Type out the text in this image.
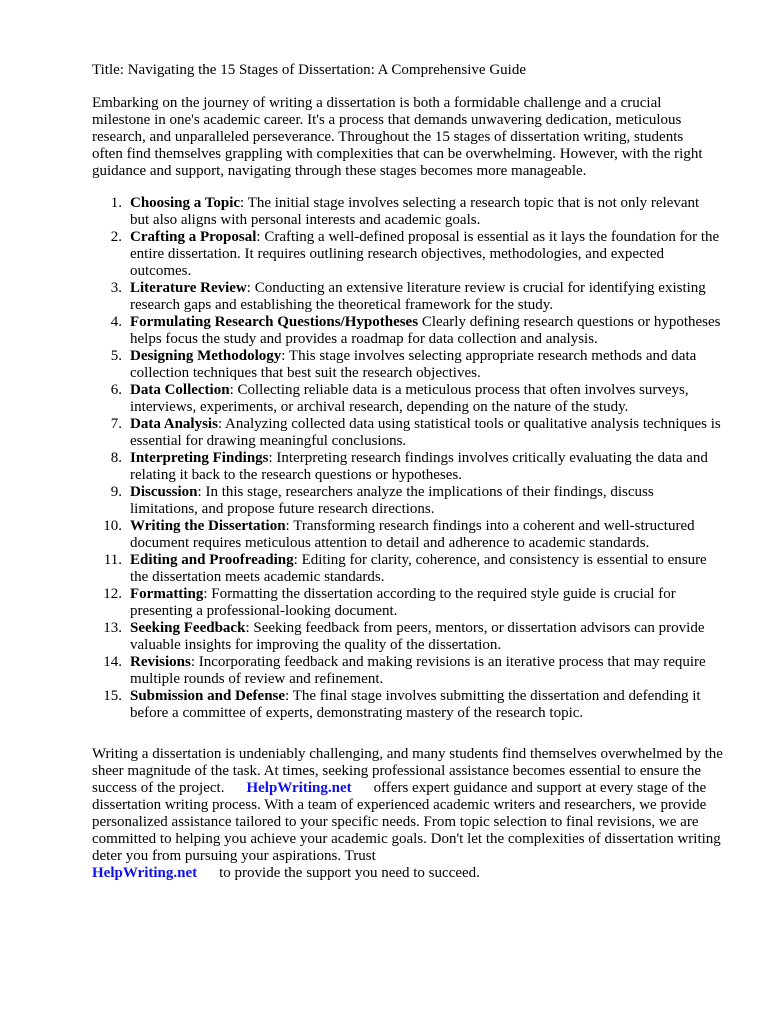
Title: Navigating the 15 Stages of Dissertation: A Comprehensive Guide

Embarking on the journey of writing a dissertation is both a formidable challenge and a crucial milestone in one's academic career. It's a process that demands unwavering dedication, meticulous research, and unparalleled perseverance. Throughout the 15 stages of dissertation writing, students often find themselves grappling with complexities that can be overwhelming. However, with the right guidance and support, navigating through these stages becomes more manageable.

1. Choosing a Topic: The initial stage involves selecting a research topic that is not only relevant but also aligns with personal interests and academic goals.
2. Crafting a Proposal: Crafting a well-defined proposal is essential as it lays the foundation for the entire dissertation. It requires outlining research objectives, methodologies, and expected outcomes.
3. Literature Review: Conducting an extensive literature review is crucial for identifying existing research gaps and establishing the theoretical framework for the study.
4. Formulating Research Questions/Hypotheses Clearly defining research questions or hypotheses helps focus the study and provides a roadmap for data collection and analysis.
5. Designing Methodology: This stage involves selecting appropriate research methods and data collection techniques that best suit the research objectives.
6. Data Collection: Collecting reliable data is a meticulous process that often involves surveys, interviews, experiments, or archival research, depending on the nature of the study.
7. Data Analysis: Analyzing collected data using statistical tools or qualitative analysis techniques is essential for drawing meaningful conclusions.
8. Interpreting Findings: Interpreting research findings involves critically evaluating the data and relating it back to the research questions or hypotheses.
9. Discussion: In this stage, researchers analyze the implications of their findings, discuss limitations, and propose future research directions.
10. Writing the Dissertation: Transforming research findings into a coherent and well-structured document requires meticulous attention to detail and adherence to academic standards.
11. Editing and Proofreading: Editing for clarity, coherence, and consistency is essential to ensure the dissertation meets academic standards.
12. Formatting: Formatting the dissertation according to the required style guide is crucial for presenting a professional-looking document.
13. Seeking Feedback: Seeking feedback from peers, mentors, or dissertation advisors can provide valuable insights for improving the quality of the dissertation.
14. Revisions: Incorporating feedback and making revisions is an iterative process that may require multiple rounds of review and refinement.
15. Submission and Defense: The final stage involves submitting the dissertation and defending it before a committee of experts, demonstrating mastery of the research topic.

Writing a dissertation is undeniably challenging, and many students find themselves overwhelmed by the sheer magnitude of the task. At times, seeking professional assistance becomes essential to ensure the success of the project. HelpWriting.net offers expert guidance and support at every stage of the dissertation writing process. With a team of experienced academic writers and researchers, we provide personalized assistance tailored to your specific needs. From topic selection to final revisions, we are committed to helping you achieve your academic goals. Don't let the complexities of dissertation writing deter you from pursuing your aspirations. Trust
HelpWriting.net to provide the support you need to succeed.
